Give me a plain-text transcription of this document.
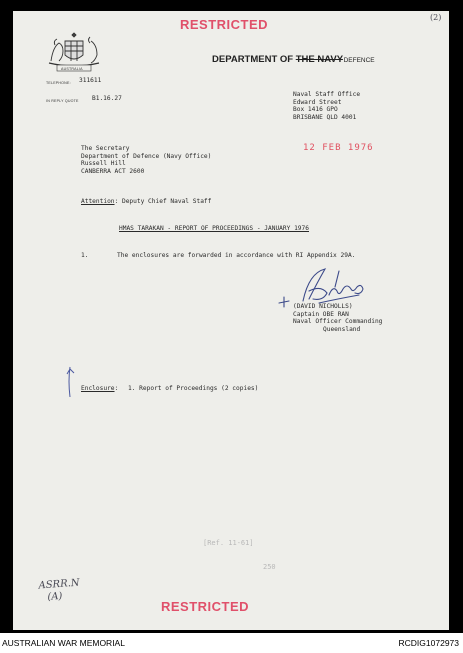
RESTRICTED	(2)
AUSTRALIA
DEPARTMENT OF THE NAVY DEFENCE
TELEPHONE: 311611
IN REPLY QUOTE B1.16.27
Naval Staff Office
Edward Street
Box 1416 GPO
BRISBANE QLD 4001
12 FEB 1976
The Secretary
Department of Defence (Navy Office)
Russell Hill
CANBERRA ACT 2600
Attention: Deputy Chief Naval Staff
HMAS TARAKAN - REPORT OF PROCEEDINGS - JANUARY 1976
1.	The enclosures are forwarded in accordance with RI Appendix 29A.
(DAVID NICHOLLS)
Captain OBE RAN
Naval Officer Commanding
Queensland
Enclosure: 1. Report of Proceedings (2 copies)
[Ref. 11-61]
250
ASRR.N
(A)
RESTRICTED
AUSTRALIAN WAR MEMORIAL	RCDIG1072973
